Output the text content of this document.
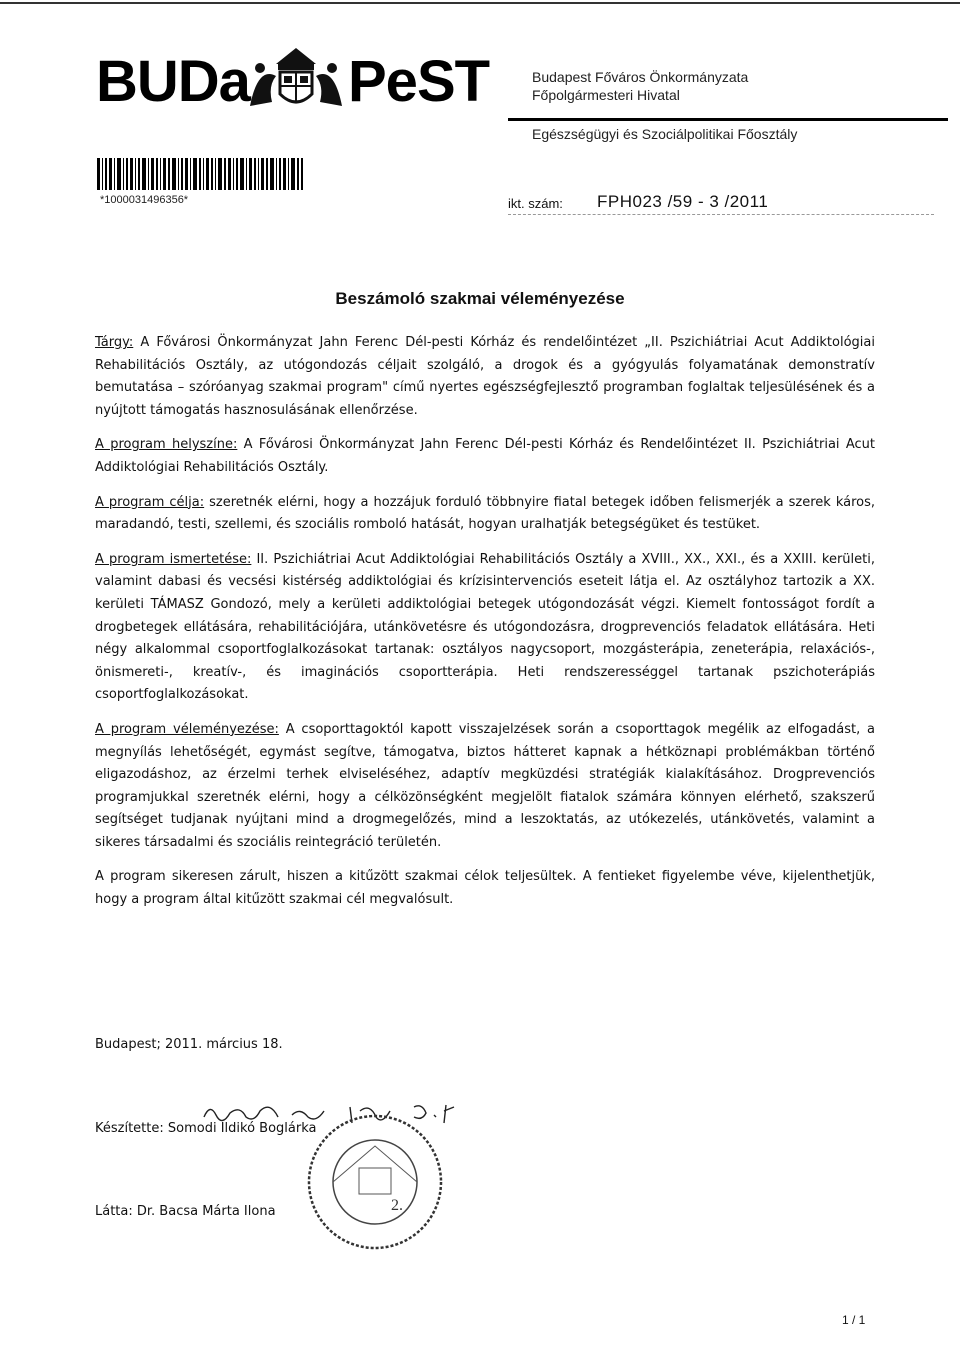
BUDa PeST	Budapest Főváros Önkormányzata
Főpolgármesteri Hivatal
Egészségügyi és Szociálpolitikai Főosztály
*1000031496356*	ikt. szám: FPH023 /59 - 3 /2011
Beszámoló szakmai véleményezése

Tárgy: A Fővárosi Önkormányzat Jahn Ferenc Dél-pesti Kórház és rendelőintézet „II. Pszichiátriai Acut Addiktológiai Rehabilitációs Osztály, az utógondozás céljait szolgáló, a drogok és a gyógyulás folyamatának demonstratív bemutatása – szóróanyag szakmai program" című nyertes egészségfejlesztő programban foglaltak teljesülésének és a nyújtott támogatás hasznosulásának ellenőrzése.

A program helyszíne: A Fővárosi Önkormányzat Jahn Ferenc Dél-pesti Kórház és Rendelőintézet II. Pszichiátriai Acut Addiktológiai Rehabilitációs Osztály.

A program célja: szeretnék elérni, hogy a hozzájuk forduló többnyire fiatal betegek időben felismerjék a szerek káros, maradandó, testi, szellemi, és szociális romboló hatását, hogyan uralhatják betegségüket és testüket.

A program ismertetése: II. Pszichiátriai Acut Addiktológiai Rehabilitációs Osztály a XVIII., XX., XXI., és a XXIII. kerületi, valamint dabasi és vecsési kistérség addiktológiai és krízisintervenciós eseteit látja el. Az osztályhoz tartozik a XX. kerületi TÁMASZ Gondozó, mely a kerületi addiktológiai betegek utógondozását végzi. Kiemelt fontosságot fordít a drogbetegek ellátására, rehabilitációjára, utánkövetésre és utógondozásra, drogprevenciós feladatok ellátására. Heti négy alkalommal csoportfoglalkozásokat tartanak: osztályos nagycsoport, mozgásterápia, zeneterápia, relaxációs-, önismereti-, kreatív-, és imaginációs csoportterápia. Heti rendszerességgel tartanak pszichoterápiás csoportfoglalkozásokat.

A program véleményezése: A csoporttagoktól kapott visszajelzések során a csoporttagok megélik az elfogadást, a megnyílás lehetőségét, egymást segítve, támogatva, biztos hátteret kapnak a hétköznapi problémákban történő eligazodáshoz, az érzelmi terhek elviseléséhez, adaptív megküzdési stratégiák kialakításához. Drogprevenciós programjukkal szeretnék elérni, hogy a célközönségként megjelölt fiatalok számára könnyen elérhető, szakszerű segítséget tudjanak nyújtani mind a drogmegelőzés, mind a leszoktatás, az utókezelés, utánkövetés, valamint a sikeres társadalmi és szociális reintegráció területén.

A program sikeresen zárult, hiszen a kitűzött szakmai célok teljesültek. A fentieket figyelembe véve, kijelenthetjük, hogy a program által kitűzött szakmai cél megvalósult.

Budapest; 2011. március 18.
Készítette: Somodi Ildikó Boglárka
Látta: Dr. Bacsa Márta Ilona	2.
1 / 1
